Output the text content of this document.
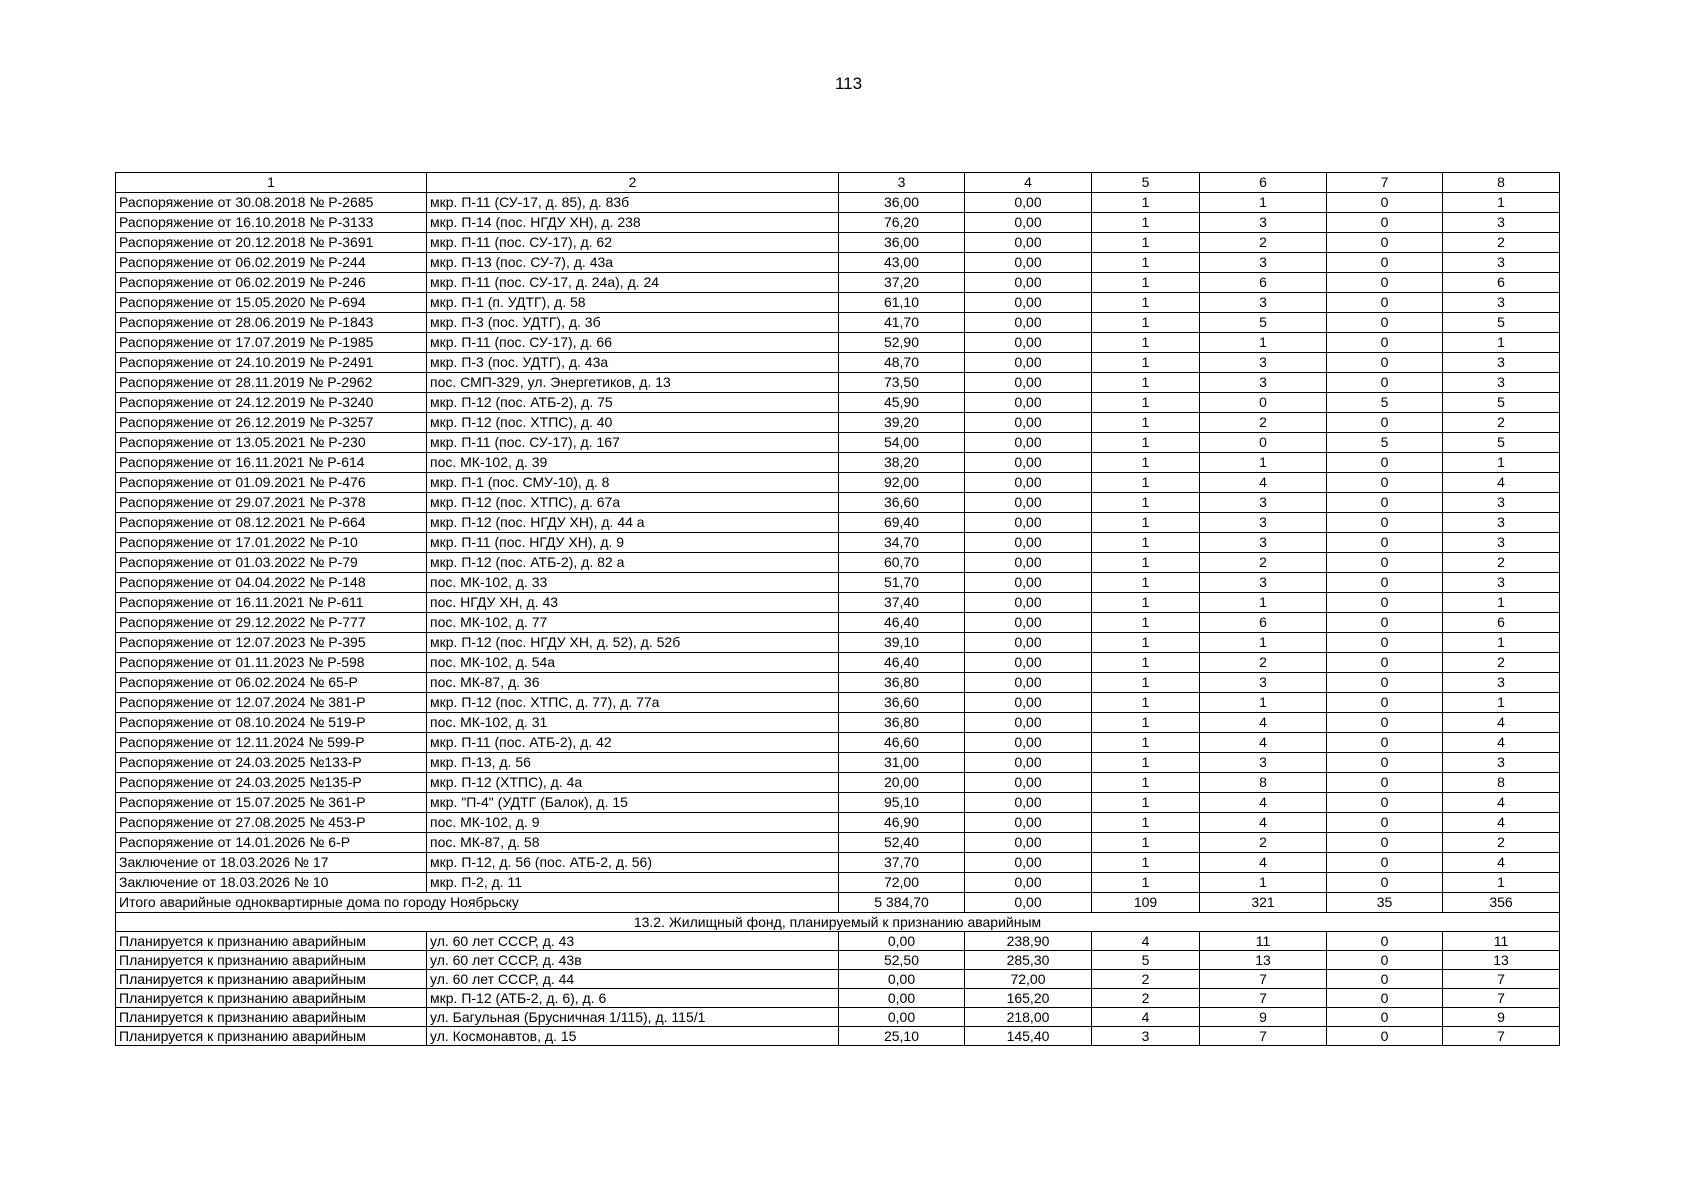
113
1	2	3	4	5	6	7	8
Распоряжение от 30.08.2018 № Р-2685	мкр. П-11 (СУ-17, д. 85), д. 83б	36,00	0,00	1	1	0	1
Распоряжение от 16.10.2018 № Р-3133	мкр. П-14 (пос. НГДУ ХН), д. 238	76,20	0,00	1	3	0	3
Распоряжение от 20.12.2018 № Р-3691	мкр. П-11 (пос. СУ-17), д. 62	36,00	0,00	1	2	0	2
Распоряжение от 06.02.2019 № Р-244	мкр. П-13 (пос. СУ-7), д. 43а	43,00	0,00	1	3	0	3
Распоряжение от 06.02.2019 № Р-246	мкр. П-11 (пос. СУ-17, д. 24а), д. 24	37,20	0,00	1	6	0	6
Распоряжение от 15.05.2020 № Р-694	мкр. П-1 (п. УДТГ), д. 58	61,10	0,00	1	3	0	3
Распоряжение от 28.06.2019 № Р-1843	мкр. П-3 (пос. УДТГ), д. 3б	41,70	0,00	1	5	0	5
Распоряжение от 17.07.2019 № Р-1985	мкр. П-11 (пос. СУ-17), д. 66	52,90	0,00	1	1	0	1
Распоряжение от 24.10.2019 № Р-2491	мкр. П-3 (пос. УДТГ), д. 43а	48,70	0,00	1	3	0	3
Распоряжение от 28.11.2019 № Р-2962	пос. СМП-329, ул. Энергетиков, д. 13	73,50	0,00	1	3	0	3
Распоряжение от 24.12.2019 № Р-3240	мкр. П-12 (пос. АТБ-2), д. 75	45,90	0,00	1	0	5	5
Распоряжение от 26.12.2019 № Р-3257	мкр. П-12 (пос. ХТПС), д. 40	39,20	0,00	1	2	0	2
Распоряжение от 13.05.2021 № Р-230	мкр. П-11 (пос. СУ-17), д. 167	54,00	0,00	1	0	5	5
Распоряжение от 16.11.2021 № Р-614	пос. МК-102, д. 39	38,20	0,00	1	1	0	1
Распоряжение от 01.09.2021 № Р-476	мкр. П-1 (пос. СМУ-10), д. 8	92,00	0,00	1	4	0	4
Распоряжение от 29.07.2021 № Р-378	мкр. П-12 (пос. ХТПС), д. 67а	36,60	0,00	1	3	0	3
Распоряжение от 08.12.2021 № Р-664	мкр. П-12 (пос. НГДУ ХН), д. 44 а	69,40	0,00	1	3	0	3
Распоряжение от 17.01.2022 № Р-10	мкр. П-11 (пос. НГДУ ХН), д. 9	34,70	0,00	1	3	0	3
Распоряжение от 01.03.2022 № Р-79	мкр. П-12 (пос. АТБ-2), д. 82 а	60,70	0,00	1	2	0	2
Распоряжение от 04.04.2022 № Р-148	пос. МК-102, д. 33	51,70	0,00	1	3	0	3
Распоряжение от 16.11.2021 № Р-611	пос. НГДУ ХН, д. 43	37,40	0,00	1	1	0	1
Распоряжение от 29.12.2022 № Р-777	пос. МК-102, д. 77	46,40	0,00	1	6	0	6
Распоряжение от 12.07.2023 № Р-395	мкр. П-12 (пос. НГДУ ХН, д. 52), д. 52б	39,10	0,00	1	1	0	1
Распоряжение от 01.11.2023 № Р-598	пос. МК-102, д. 54а	46,40	0,00	1	2	0	2
Распоряжение от 06.02.2024 № 65-Р	пос. МК-87, д. 36	36,80	0,00	1	3	0	3
Распоряжение от 12.07.2024 № 381-Р	мкр. П-12 (пос. ХТПС, д. 77), д. 77а	36,60	0,00	1	1	0	1
Распоряжение от 08.10.2024 № 519-Р	пос. МК-102, д. 31	36,80	0,00	1	4	0	4
Распоряжение от 12.11.2024 № 599-Р	мкр. П-11 (пос. АТБ-2), д. 42	46,60	0,00	1	4	0	4
Распоряжение от 24.03.2025 №133-Р	мкр. П-13, д. 56	31,00	0,00	1	3	0	3
Распоряжение от 24.03.2025 №135-Р	мкр. П-12 (ХТПС), д. 4а	20,00	0,00	1	8	0	8
Распоряжение от 15.07.2025 № 361-Р	мкр. "П-4" (УДТГ (Балок), д. 15	95,10	0,00	1	4	0	4
Распоряжение от 27.08.2025 № 453-Р	пос. МК-102, д. 9	46,90	0,00	1	4	0	4
Распоряжение от 14.01.2026 № 6-Р	пос. МК-87, д. 58	52,40	0,00	1	2	0	2
Заключение от 18.03.2026 № 17	мкр. П-12, д. 56 (пос. АТБ-2, д. 56)	37,70	0,00	1	4	0	4
Заключение от 18.03.2026 № 10	мкр. П-2, д. 11	72,00	0,00	1	1	0	1
Итого аварийные одноквартирные дома по городу Ноябрьску		5 384,70	0,00	109	321	35	356
13.2. Жилищный фонд, планируемый к признанию аварийным							
Планируется к признанию аварийным	ул. 60 лет СССР, д. 43	0,00	238,90	4	11	0	11
Планируется к признанию аварийным	ул. 60 лет СССР, д. 43в	52,50	285,30	5	13	0	13
Планируется к признанию аварийным	ул. 60 лет СССР, д. 44	0,00	72,00	2	7	0	7
Планируется к признанию аварийным	мкр. П-12 (АТБ-2, д. 6), д. 6	0,00	165,20	2	7	0	7
Планируется к признанию аварийным	ул. Багульная (Брусничная 1/115), д. 115/1	0,00	218,00	4	9	0	9
Планируется к признанию аварийным	ул. Космонавтов, д. 15	25,10	145,40	3	7	0	7
